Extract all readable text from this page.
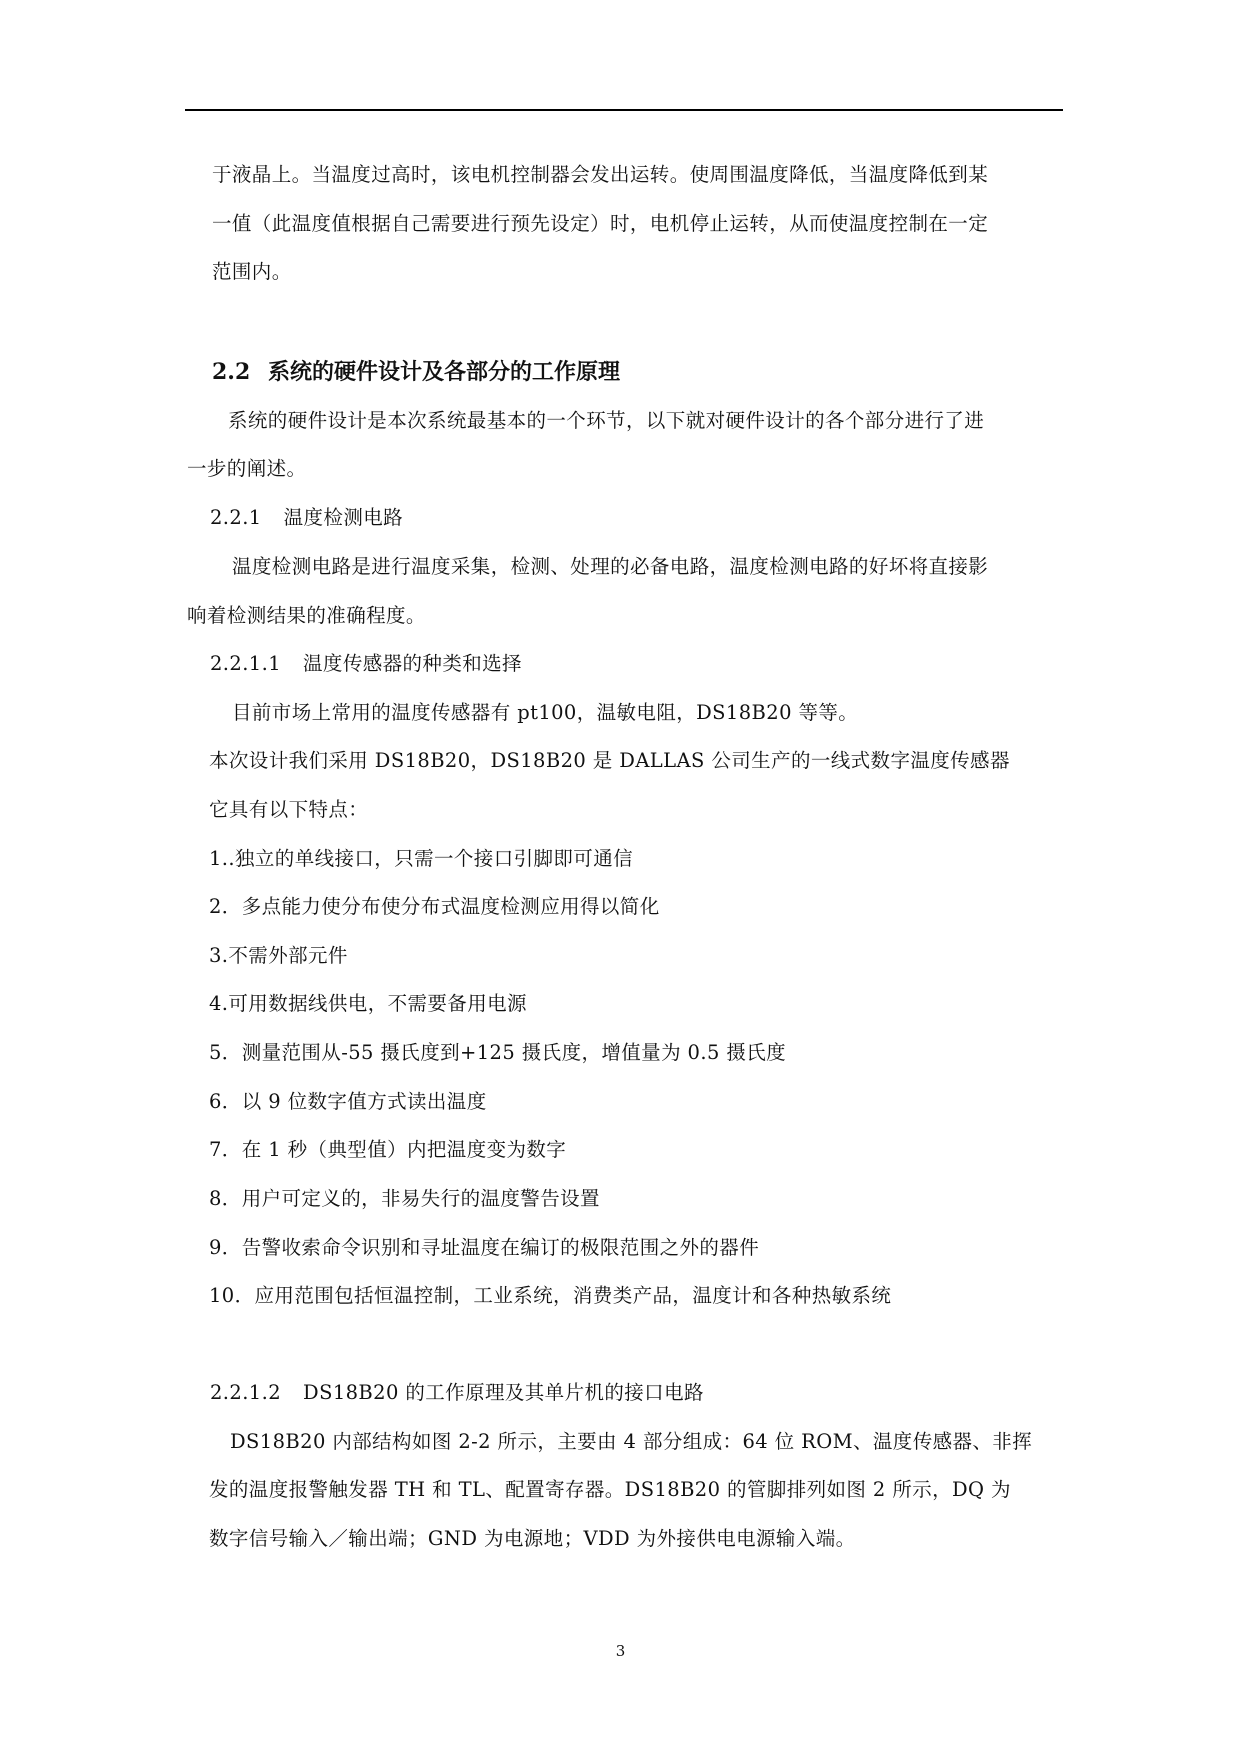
于液晶上。当温度过高时，该电机控制器会发出运转。使周围温度降低，当温度降低到某
一值（此温度值根据自己需要进行预先设定）时，电机停止运转，从而使温度控制在一定
范围内。
2.2 系统的硬件设计及各部分的工作原理
系统的硬件设计是本次系统最基本的一个环节，以下就对硬件设计的各个部分进行了进
一步的阐述。
2.2.1 温度检测电路
温度检测电路是进行温度采集，检测、处理的必备电路，温度检测电路的好坏将直接影
响着检测结果的准确程度。
2.2.1.1 温度传感器的种类和选择
目前市场上常用的温度传感器有 pt100，温敏电阻，DS18B20 等等。
本次设计我们采用 DS18B20，DS18B20 是 DALLAS 公司生产的一线式数字温度传感器
它具有以下特点：
1..独立的单线接口，只需一个接口引脚即可通信
2．多点能力使分布使分布式温度检测应用得以简化
3.不需外部元件
4.可用数据线供电，不需要备用电源
5．测量范围从-55 摄氏度到+125 摄氏度，增值量为 0.5 摄氏度
6．以 9 位数字值方式读出温度
7．在 1 秒（典型值）内把温度变为数字
8．用户可定义的，非易失行的温度警告设置
9．告警收索命令识别和寻址温度在编订的极限范围之外的器件
10．应用范围包括恒温控制，工业系统，消费类产品，温度计和各种热敏系统
2.2.1.2 DS18B20 的工作原理及其单片机的接口电路
DS18B20 内部结构如图 2-2 所示，主要由 4 部分组成：64 位 ROM、温度传感器、非挥
发的温度报警触发器 TH 和 TL、配置寄存器。DS18B20 的管脚排列如图 2 所示，DQ 为
数字信号输入／输出端；GND 为电源地；VDD 为外接供电电源输入端。
3
